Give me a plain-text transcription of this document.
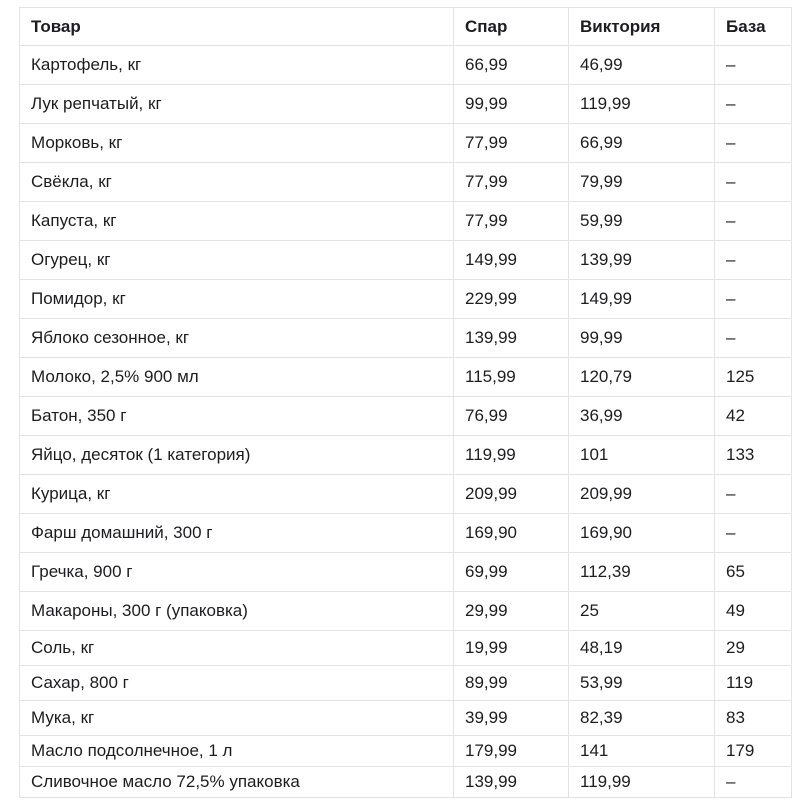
Товар	Спар	Виктория	База
Картофель, кг	66,99	46,99	–
Лук репчатый, кг	99,99	119,99	–
Морковь, кг	77,99	66,99	–
Свёкла, кг	77,99	79,99	–
Капуста, кг	77,99	59,99	–
Огурец, кг	149,99	139,99	–
Помидор, кг	229,99	149,99	–
Яблоко сезонное, кг	139,99	99,99	–
Молоко, 2,5% 900 мл	115,99	120,79	125
Батон, 350 г	76,99	36,99	42
Яйцо, десяток (1 категория)	119,99	101	133
Курица, кг	209,99	209,99	–
Фарш домашний, 300 г	169,90	169,90	–
Гречка, 900 г	69,99	112,39	65
Макароны, 300 г (упаковка)	29,99	25	49
Соль, кг	19,99	48,19	29
Сахар, 800 г	89,99	53,99	119
Мука, кг	39,99	82,39	83
Масло подсолнечное, 1 л	179,99	141	179
Сливочное масло 72,5% упаковка	139,99	119,99	–
